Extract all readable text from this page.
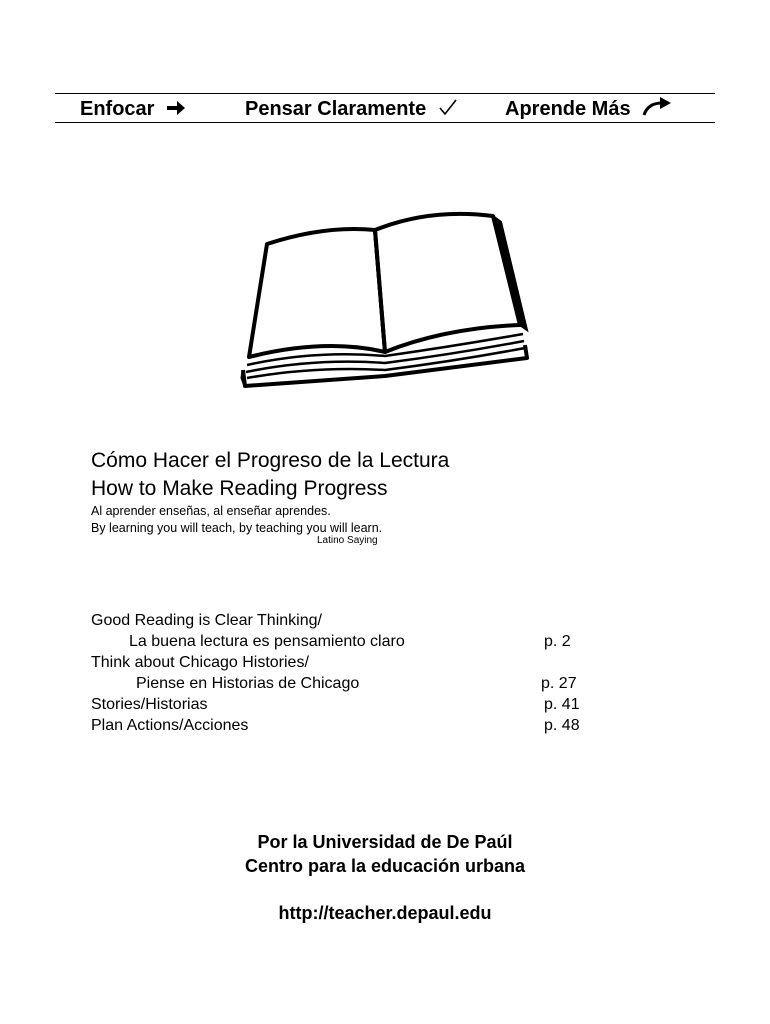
Enfocar	Pensar Claramente	Aprende Más
Cómo Hacer el Progreso de la Lectura
How to Make Reading Progress
Al aprender enseñas, al enseñar aprendes.
By learning you will teach, by teaching you will learn.
Latino Saying
Good Reading is Clear Thinking/
La buena lectura es pensamiento claro	p. 2
Think about Chicago Histories/
Piense en Historias de Chicago	p. 27
Stories/Historias	p. 41
Plan Actions/Acciones	p. 48
Por la Universidad de De Paúl
Centro para la educación urbana
http://teacher.depaul.edu
